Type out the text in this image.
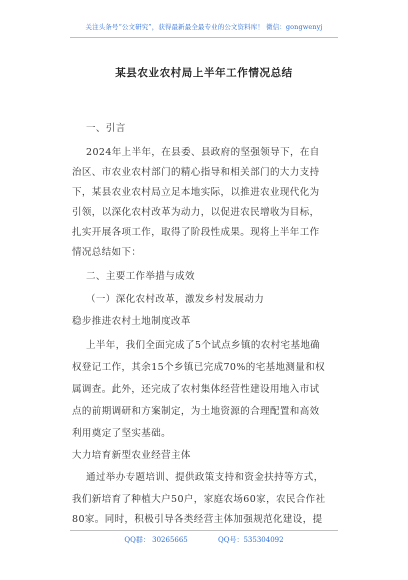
关注头条号“公文研究”，获得最新最全最专业的公文资料库！ 微信：gongwenyj
某县农业农村局上半年工作情况总结
一、引言
2024年上半年，在县委、县政府的坚强领导下，在自
治区、市农业农村部门的精心指导和相关部门的大力支持
下，某县农业农村局立足本地实际，以推进农业现代化为
引领，以深化农村改革为动力，以促进农民增收为目标，
扎实开展各项工作，取得了阶段性成果。现将上半年工作
情况总结如下：
二、主要工作举措与成效
（一）深化农村改革，激发乡村发展动力
稳步推进农村土地制度改革
上半年，我们全面完成了5个试点乡镇的农村宅基地确
权登记工作，其余15个乡镇已完成70%的宅基地测量和权
属调查。此外，还完成了农村集体经营性建设用地入市试
点的前期调研和方案制定，为土地资源的合理配置和高效
利用奠定了坚实基础。
大力培育新型农业经营主体
通过举办专题培训、提供政策支持和资金扶持等方式，
我们新培育了种植大户50户，家庭农场60家，农民合作社
80家。同时，积极引导各类经营主体加强规范化建设，提
QQ群： 30265665	QQ号：535304092
